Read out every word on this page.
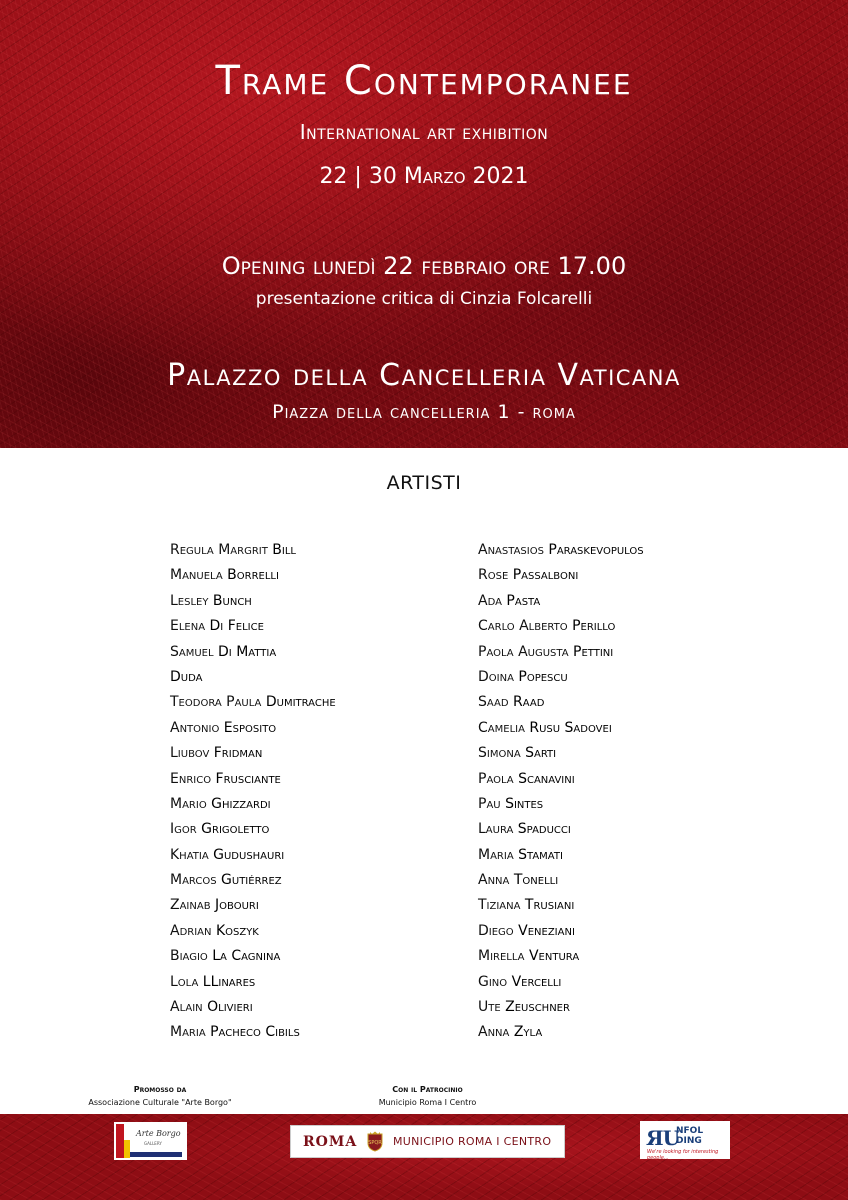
Trame Contemporanee
International art exhibition
22 | 30 Marzo 2021
Opening lunedì 22 febbraio ore 17.00
presentazione critica di Cinzia Folcarelli
Palazzo della Cancelleria Vaticana
Piazza della cancelleria 1 - roma
ARTISTI
Regula Margrit Bill
Manuela Borrelli
Lesley Bunch
Elena Di Felice
Samuel Di Mattia
Duda
Teodora Paula Dumitrache
Antonio Esposito
Liubov Fridman
Enrico Frusciante
Mario Ghizzardi
Igor Grigoletto
Khatia Gudushauri
Marcos Gutiérrez
Zainab Jobouri
Adrian Koszyk
Biagio La Cagnina
Lola LLinares
Alain Olivieri
Maria Pacheco Cibils
Anastasios Paraskevopulos
Rose Passalboni
Ada Pasta
Carlo Alberto Perillo
Paola Augusta Pettini
Doina Popescu
Saad Raad
Camelia Rusu Sadovei
Simona Sarti
Paola Scanavini
Pau Sintes
Laura Spaducci
Maria Stamati
Anna Tonelli
Tiziana Trusiani
Diego Veneziani
Mirella Ventura
Gino Vercelli
Ute Zeuschner
Anna Zyla
Promosso da
Associazione Culturale "Arte Borgo"
Con il Patrocinio
Municipio Roma I Centro
Arte Borgo
GALLERY	ROMA SPQR MUNICIPIO ROMA I CENTRO	ЯU
NFOL
DING
We're looking for interesting people...
